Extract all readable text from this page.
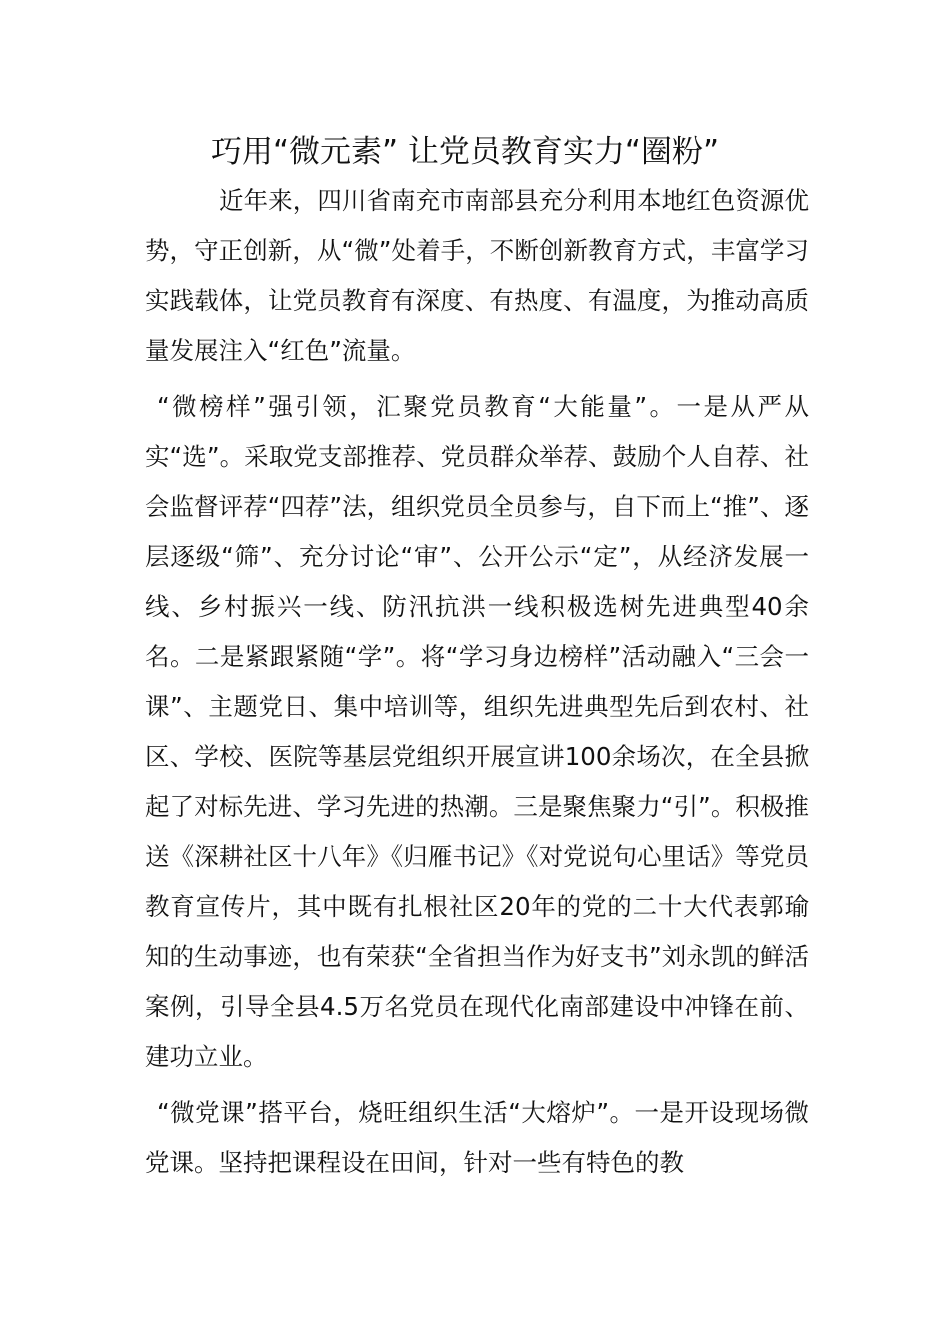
巧用“微元素” 让党员教育实力“圈粉”

近年来，四川省南充市南部县充分利用本地红色资源优势，守正创新，从“微”处着手，不断创新教育方式，丰富学习实践载体，让党员教育有深度、有热度、有温度，为推动高质量发展注入“红色”流量。

“微榜样”强引领，汇聚党员教育“大能量”。一是从严从实“选”。采取党支部推荐、党员群众举荐、鼓励个人自荐、社会监督评荐“四荐”法，组织党员全员参与，自下而上“推”、逐层逐级“筛”、充分讨论“审”、公开公示“定”，从经济发展一线、乡村振兴一线、防汛抗洪一线积极选树先进典型40余名。二是紧跟紧随“学”。将“学习身边榜样”活动融入“三会一课”、主题党日、集中培训等，组织先进典型先后到农村、社区、学校、医院等基层党组织开展宣讲100余场次，在全县掀起了对标先进、学习先进的热潮。三是聚焦聚力“引”。积极推送《深耕社区十八年》《归雁书记》《对党说句心里话》等党员教育宣传片，其中既有扎根社区20年的党的二十大代表郭瑜知的生动事迹，也有荣获“全省担当作为好支书”刘永凯的鲜活案例，引导全县4.5万名党员在现代化南部建设中冲锋在前、建功立业。

“微党课”搭平台，烧旺组织生活“大熔炉”。一是开设现场微党课。坚持把课程设在田间，针对一些有特色的教
